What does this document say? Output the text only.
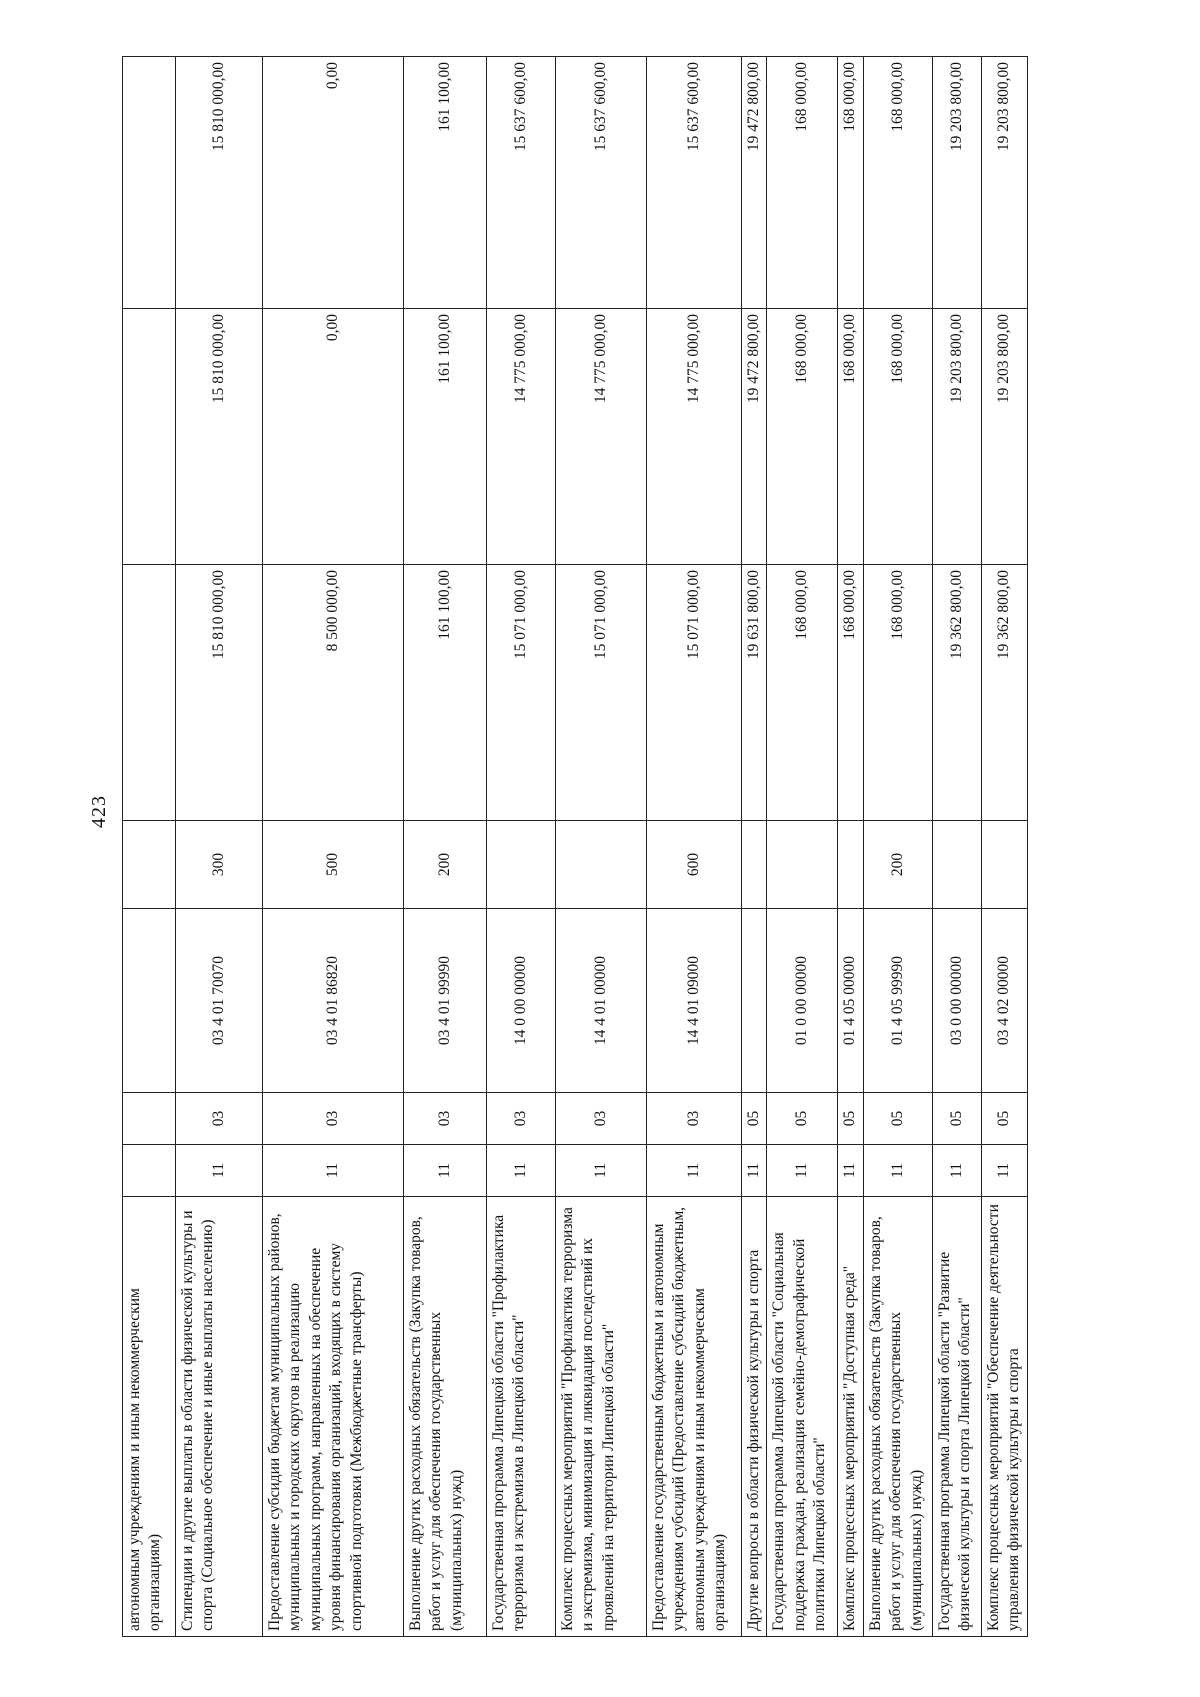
423
автономным учреждениям и иным некоммерческим организациям)							
Стипендии и другие выплаты в области физической культуры и спорта (Социальное обеспечение и иные выплаты населению)	11	03	03 4 01 70070	300	15 810 000,00	15 810 000,00	15 810 000,00
Предоставление субсидии бюджетам муниципальных районов, муниципальных и городских округов на реализацию муниципальных программ, направленных на обеспечение уровня финансирования организаций, входящих в систему спортивной подготовки (Межбюджетные трансферты)	11	03	03 4 01 86820	500	8 500 000,00	0,00	0,00
Выполнение других расходных обязательств (Закупка товаров, работ и услуг для обеспечения государственных (муниципальных) нужд)	11	03	03 4 01 99990	200	161 100,00	161 100,00	161 100,00
Государственная программа Липецкой области "Профилактика терроризма и экстремизма в Липецкой области"	11	03	14 0 00 00000		15 071 000,00	14 775 000,00	15 637 600,00
Комплекс процессных мероприятий "Профилактика терроризма и экстремизма, минимизация и ликвидация последствий их проявлений на территории Липецкой области"	11	03	14 4 01 00000		15 071 000,00	14 775 000,00	15 637 600,00
Предоставление государственным бюджетным и автономным учреждениям субсидий (Предоставление субсидий бюджетным, автономным учреждениям и иным некоммерческим организациям)	11	03	14 4 01 09000	600	15 071 000,00	14 775 000,00	15 637 600,00
Другие вопросы в области физической культуры и спорта	11	05			19 631 800,00	19 472 800,00	19 472 800,00
Государственная программа Липецкой области "Социальная поддержка граждан, реализация семейно-демографической политики Липецкой области"	11	05	01 0 00 00000		168 000,00	168 000,00	168 000,00
Комплекс процессных мероприятий "Доступная среда"	11	05	01 4 05 00000		168 000,00	168 000,00	168 000,00
Выполнение других расходных обязательств (Закупка товаров, работ и услуг для обеспечения государственных (муниципальных) нужд)	11	05	01 4 05 99990	200	168 000,00	168 000,00	168 000,00
Государственная программа Липецкой области "Развитие физической культуры и спорта Липецкой области"	11	05	03 0 00 00000		19 362 800,00	19 203 800,00	19 203 800,00
Комплекс процессных мероприятий "Обеспечение деятельности управления физической культуры и спорта	11	05	03 4 02 00000		19 362 800,00	19 203 800,00	19 203 800,00
